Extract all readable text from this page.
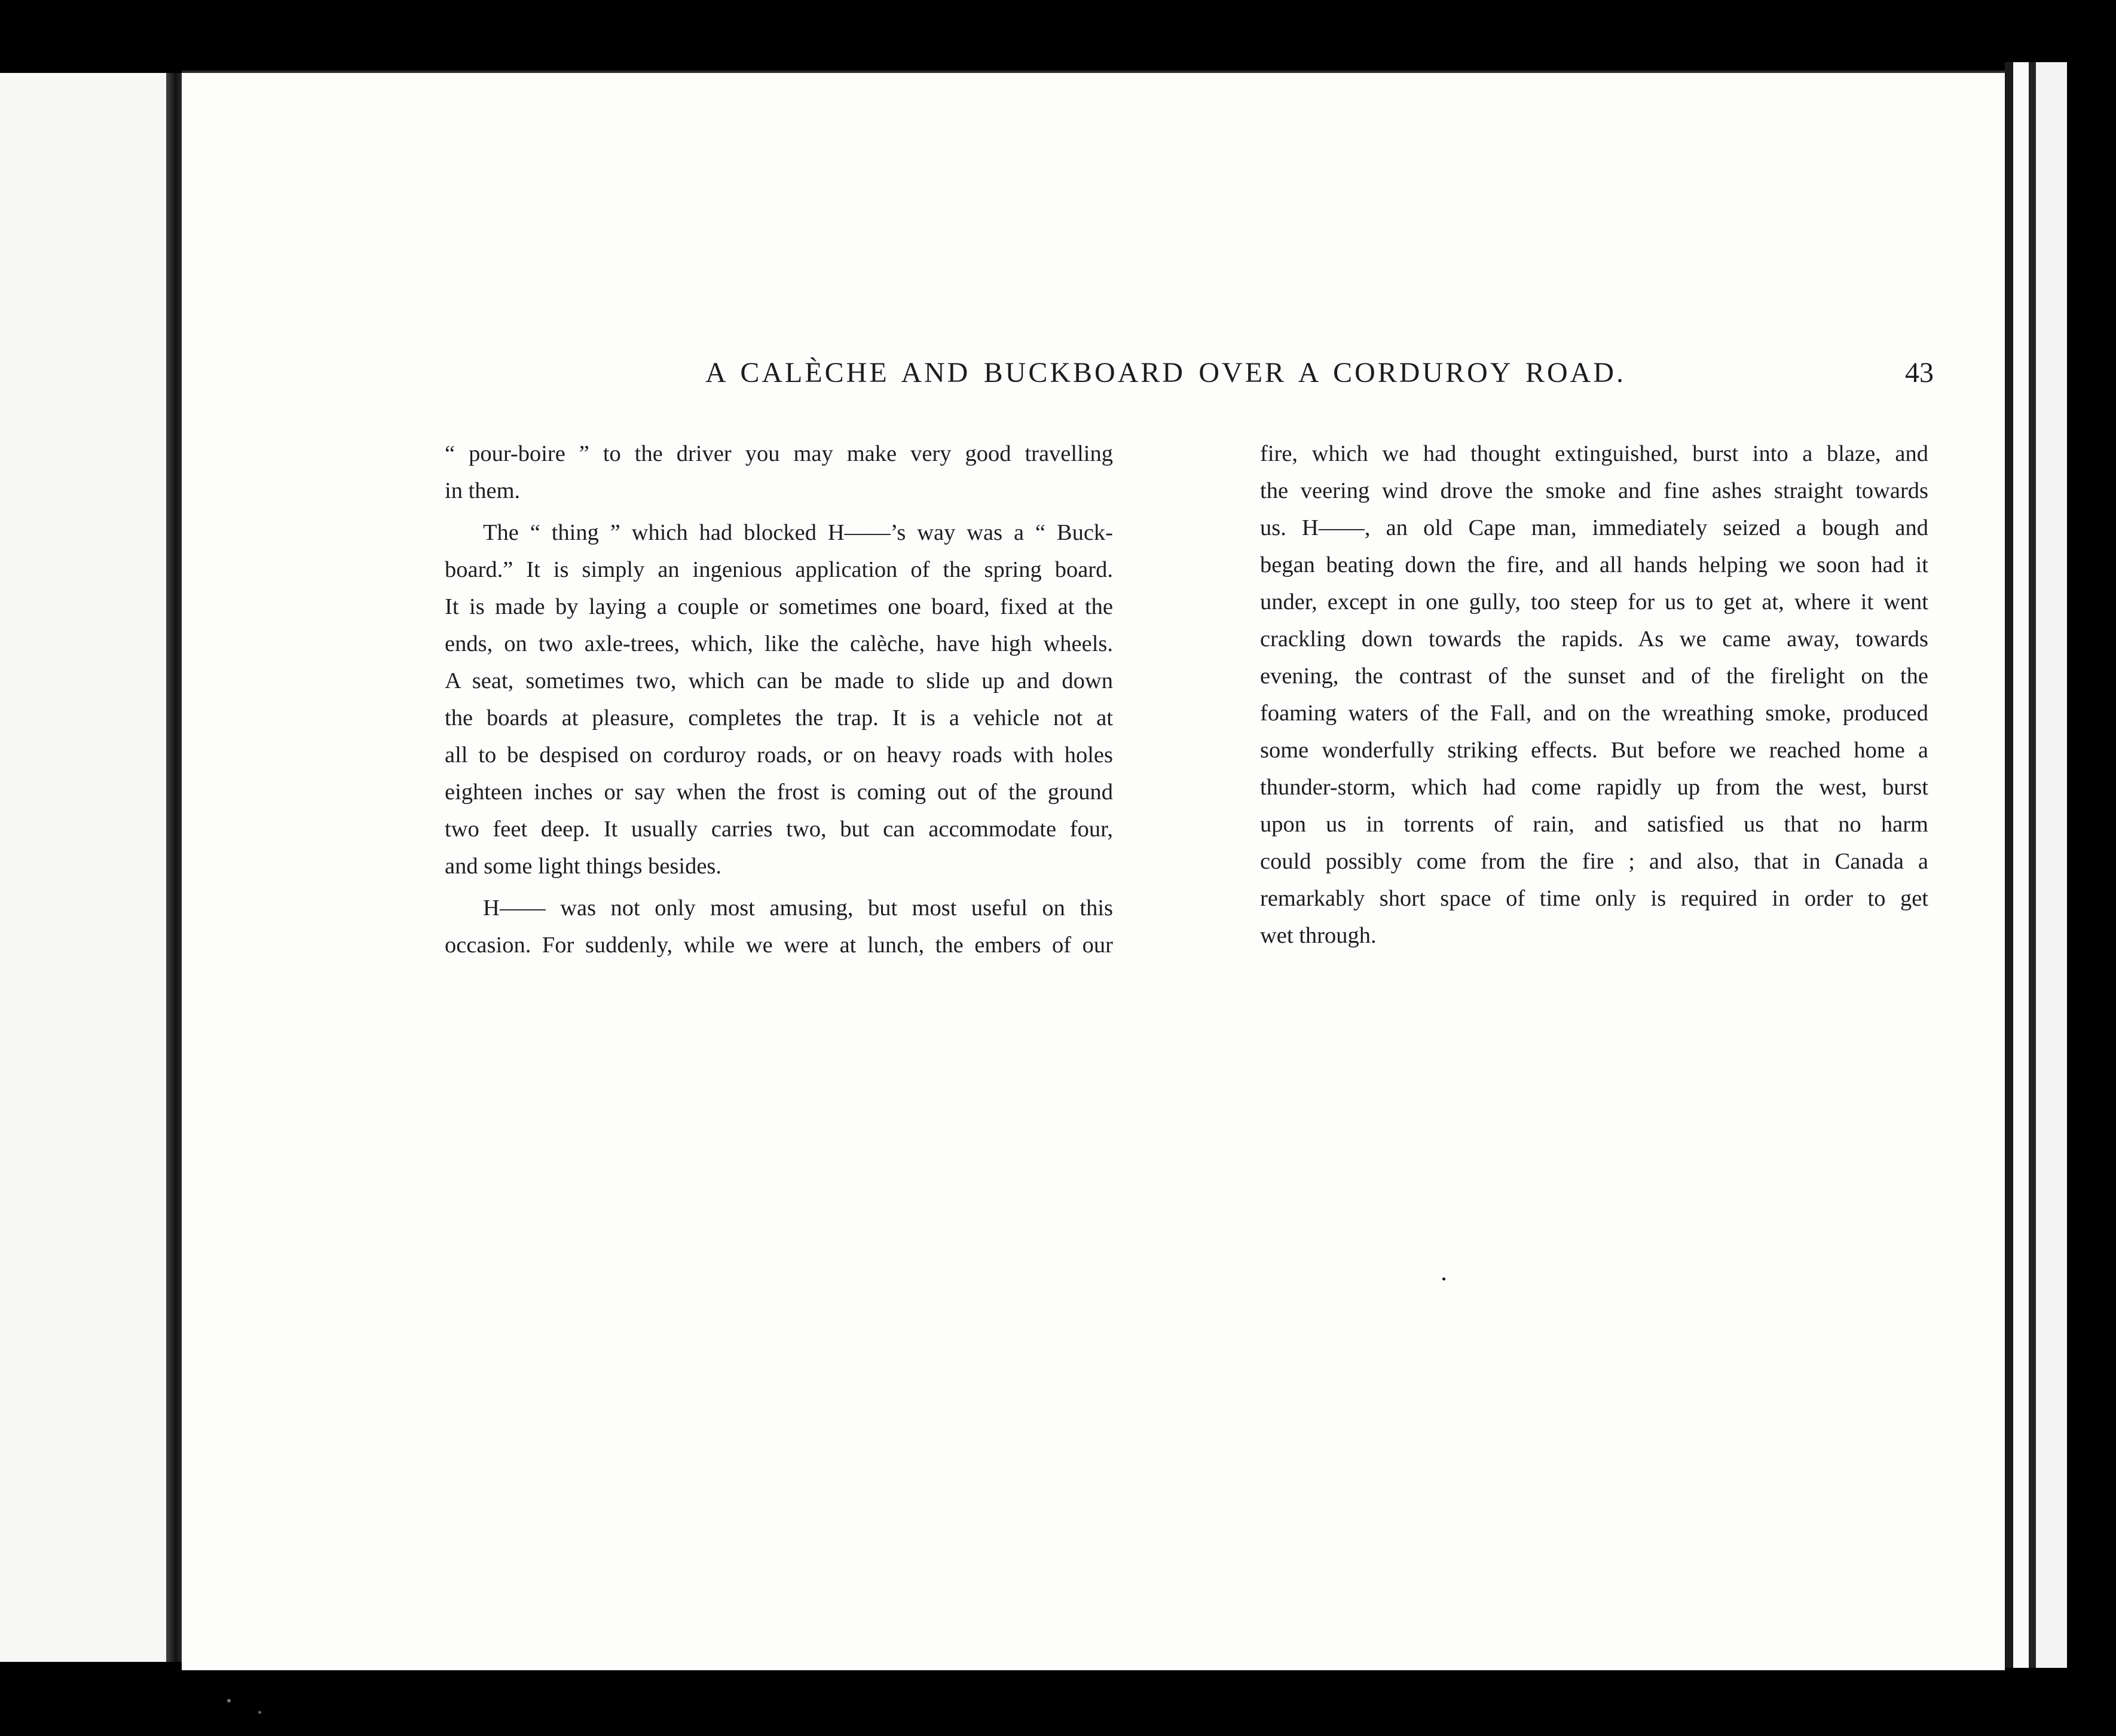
A CALÈCHE AND BUCKBOARD OVER A CORDUROY ROAD.	43
“ pour-boire ” to the driver you may make very good travelling
in them.
The “ thing ” which had blocked H——’s way was a “ Buck-
board.” It is simply an ingenious application of the spring board.
It is made by laying a couple or sometimes one board, fixed at the
ends, on two axle-trees, which, like the calèche, have high wheels.
A seat, sometimes two, which can be made to slide up and down
the boards at pleasure, completes the trap. It is a vehicle not at
all to be despised on corduroy roads, or on heavy roads with holes
eighteen inches or say when the frost is coming out of the ground
two feet deep. It usually carries two, but can accommodate four,
and some light things besides.
H—— was not only most amusing, but most useful on this
occasion. For suddenly, while we were at lunch, the embers of our
fire, which we had thought extinguished, burst into a blaze, and
the veering wind drove the smoke and fine ashes straight towards
us. H——, an old Cape man, immediately seized a bough and
began beating down the fire, and all hands helping we soon had it
under, except in one gully, too steep for us to get at, where it went
crackling down towards the rapids. As we came away, towards
evening, the contrast of the sunset and of the firelight on the
foaming waters of the Fall, and on the wreathing smoke, produced
some wonderfully striking effects. But before we reached home a
thunder-storm, which had come rapidly up from the west, burst
upon us in torrents of rain, and satisfied us that no harm
could possibly come from the fire ; and also, that in Canada a
remarkably short space of time only is required in order to get
wet through.
